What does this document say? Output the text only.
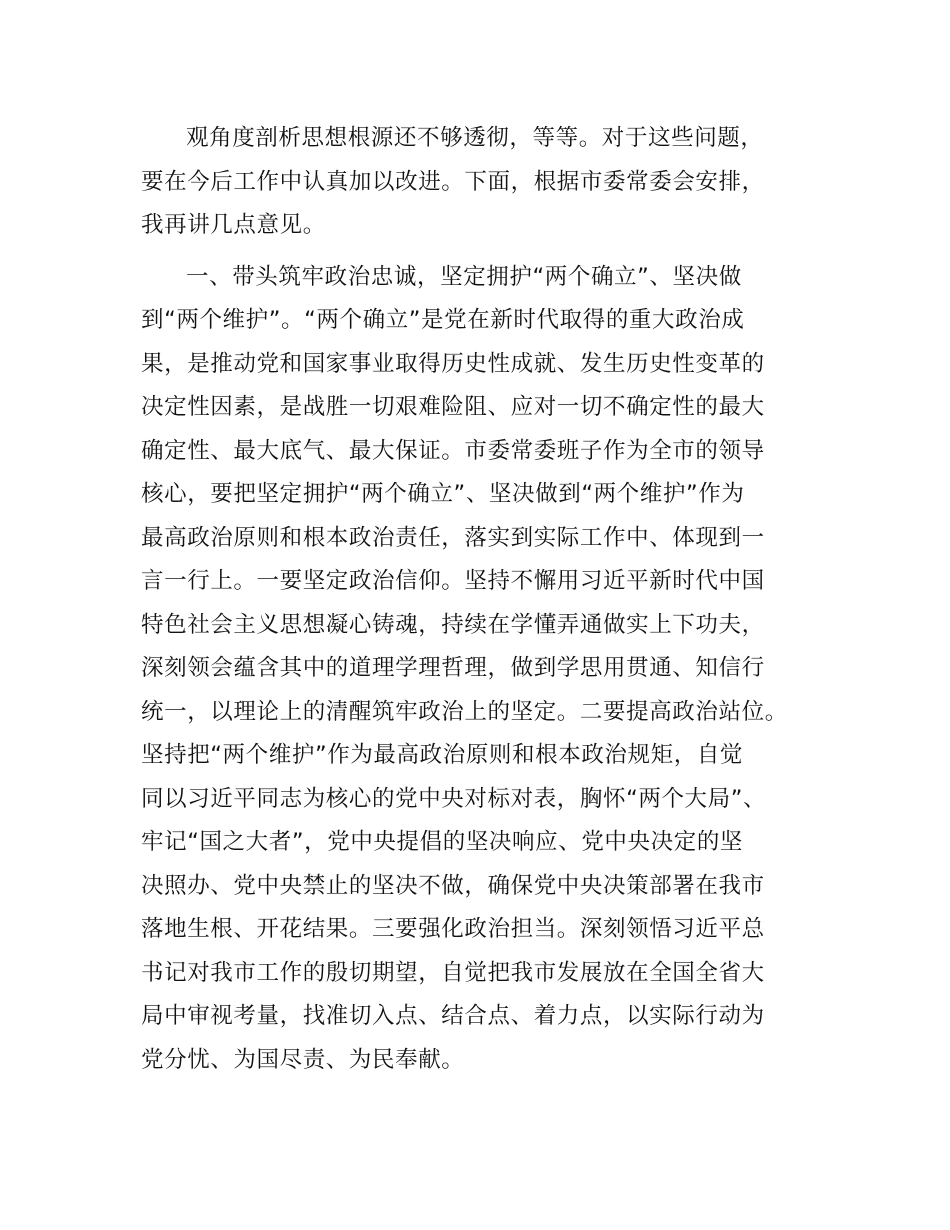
观角度剖析思想根源还不够透彻，等等。对于这些问题，

要在今后工作中认真加以改进。下面，根据市委常委会安排，

我再讲几点意见。

一、带头筑牢政治忠诚，坚定拥护“两个确立”、坚决做

到“两个维护”。“两个确立”是党在新时代取得的重大政治成

果，是推动党和国家事业取得历史性成就、发生历史性变革的

决定性因素，是战胜一切艰难险阻、应对一切不确定性的最大

确定性、最大底气、最大保证。市委常委班子作为全市的领导

核心，要把坚定拥护“两个确立”、坚决做到“两个维护”作为

最高政治原则和根本政治责任，落实到实际工作中、体现到一

言一行上。一要坚定政治信仰。坚持不懈用习近平新时代中国

特色社会主义思想凝心铸魂，持续在学懂弄通做实上下功夫，

深刻领会蕴含其中的道理学理哲理，做到学思用贯通、知信行

统一，以理论上的清醒筑牢政治上的坚定。二要提高政治站位。

坚持把“两个维护”作为最高政治原则和根本政治规矩，自觉

同以习近平同志为核心的党中央对标对表，胸怀“两个大局”、

牢记“国之大者”，党中央提倡的坚决响应、党中央决定的坚

决照办、党中央禁止的坚决不做，确保党中央决策部署在我市

落地生根、开花结果。三要强化政治担当。深刻领悟习近平总

书记对我市工作的殷切期望，自觉把我市发展放在全国全省大

局中审视考量，找准切入点、结合点、着力点，以实际行动为

党分忧、为国尽责、为民奉献。
